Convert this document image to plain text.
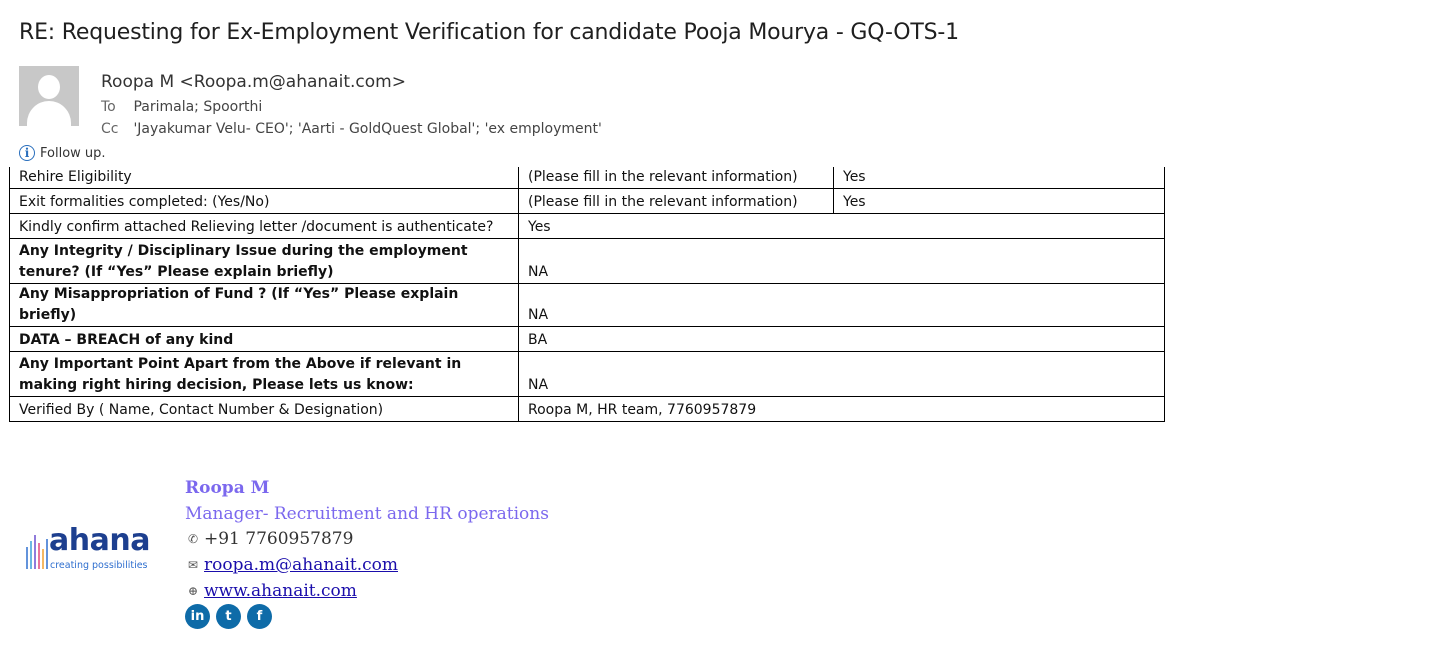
RE: Requesting for Ex-Employment Verification for candidate Pooja Mourya - GQ-OTS-1
Roopa M <Roopa.m@ahanait.com>
To Parimala; Spoorthi
Cc 'Jayakumar Velu- CEO'; 'Aarti - GoldQuest Global'; 'ex employment'
i Follow up.
Rehire Eligibility	(Please fill in the relevant information)	Yes
Exit formalities completed: (Yes/No)	(Please fill in the relevant information)	Yes
Kindly confirm attached Relieving letter /document is authenticate?	Yes	
Any Integrity / Disciplinary Issue during the employment tenure? (If “Yes” Please explain briefly)	NA	
Any Misappropriation of Fund ? (If “Yes” Please explain briefly)	NA	
DATA – BREACH of any kind	BA	
Any Important Point Apart from the Above if relevant in making right hiring decision, Please lets us know:	NA	
Verified By ( Name, Contact Number & Designation)	Roopa M, HR team, 7760957879	
ahana
creating possibilities
Roopa M
Manager- Recruitment and HR operations
✆ +91 7760957879
✉ roopa.m@ahanait.com
⊕ www.ahanait.com
in	t	f
